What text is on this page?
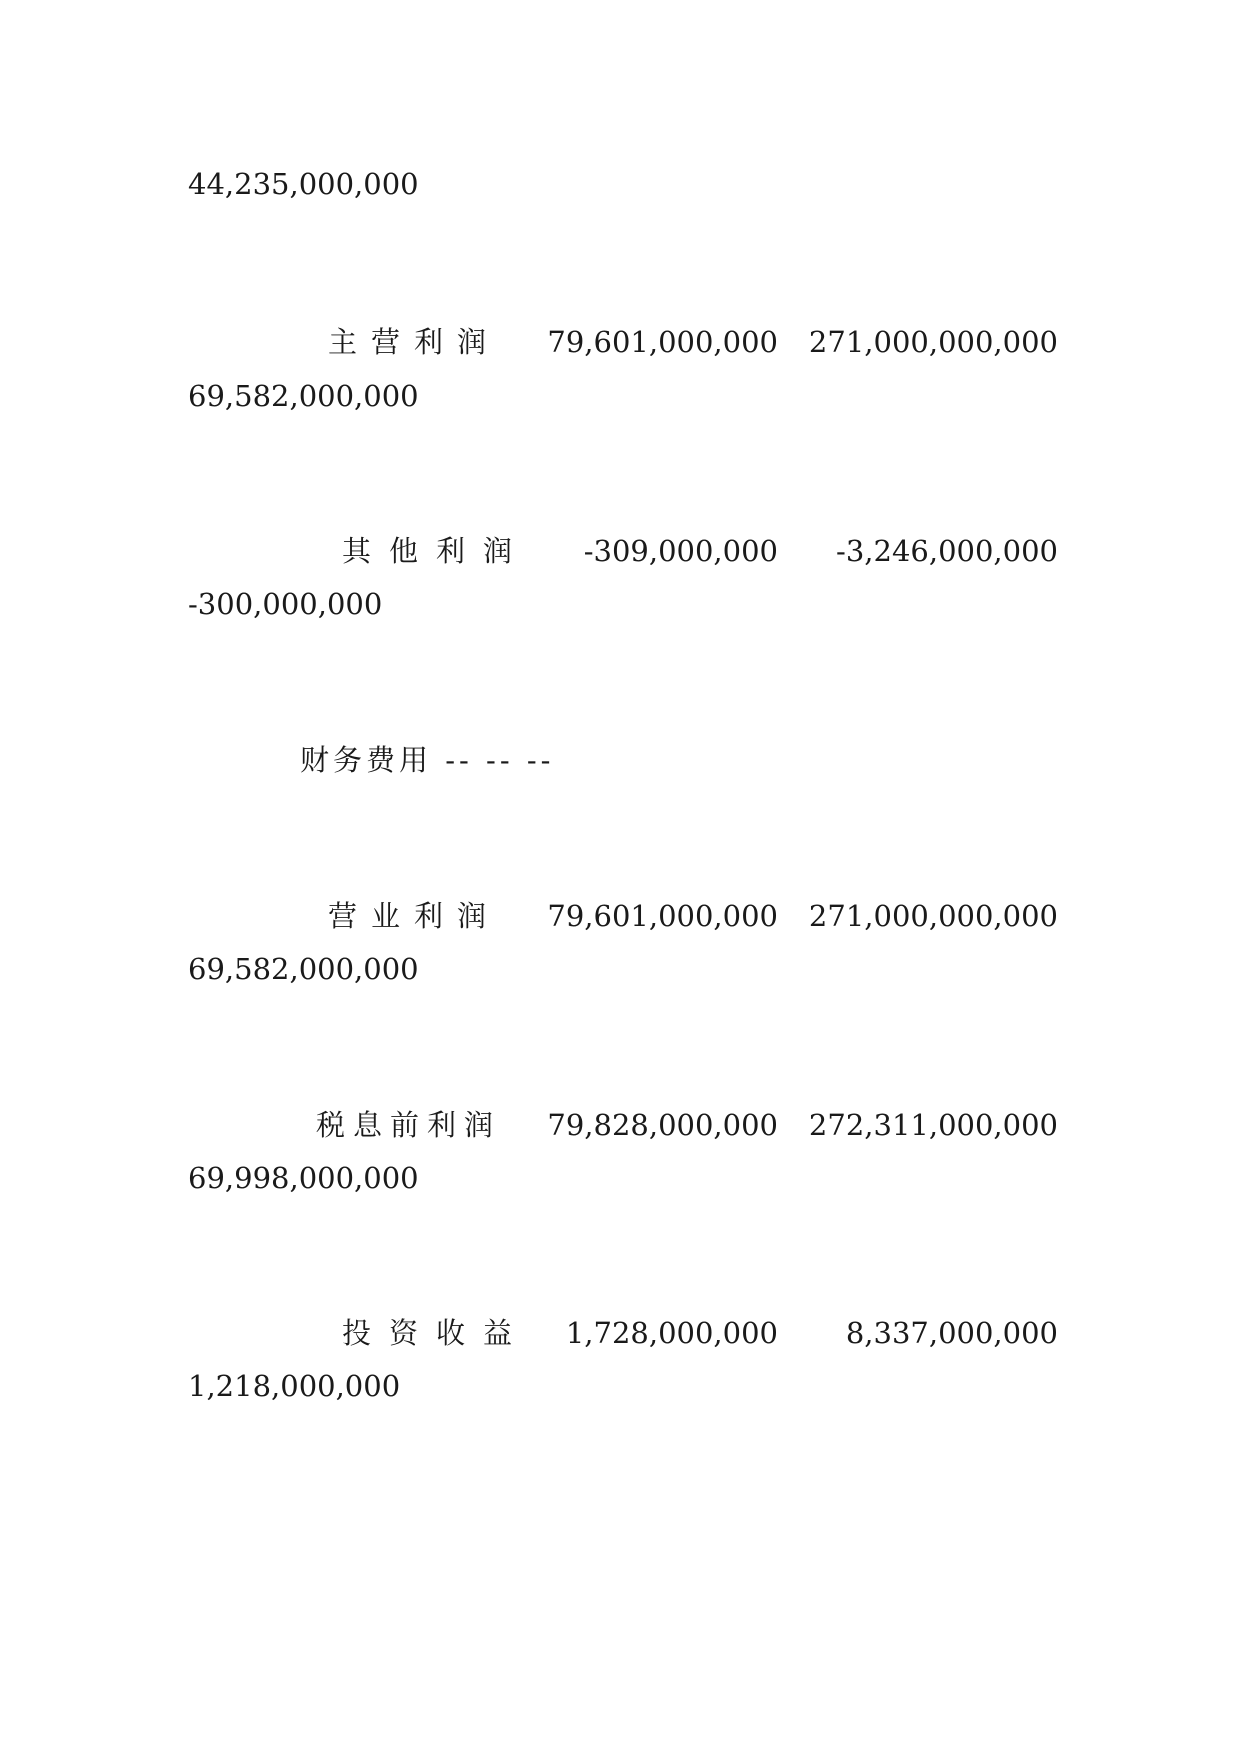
44,235,000,000
主营利润 79,601,000,000 271,000,000,000
69,582,000,000
其他利润 -309,000,000 -3,246,000,000
-300,000,000
财务费用 -- -- --
营业利润 79,601,000,000 271,000,000,000
69,582,000,000
税息前利润 79,828,000,000 272,311,000,000
69,998,000,000
投资收益 1,728,000,000 8,337,000,000
1,218,000,000
